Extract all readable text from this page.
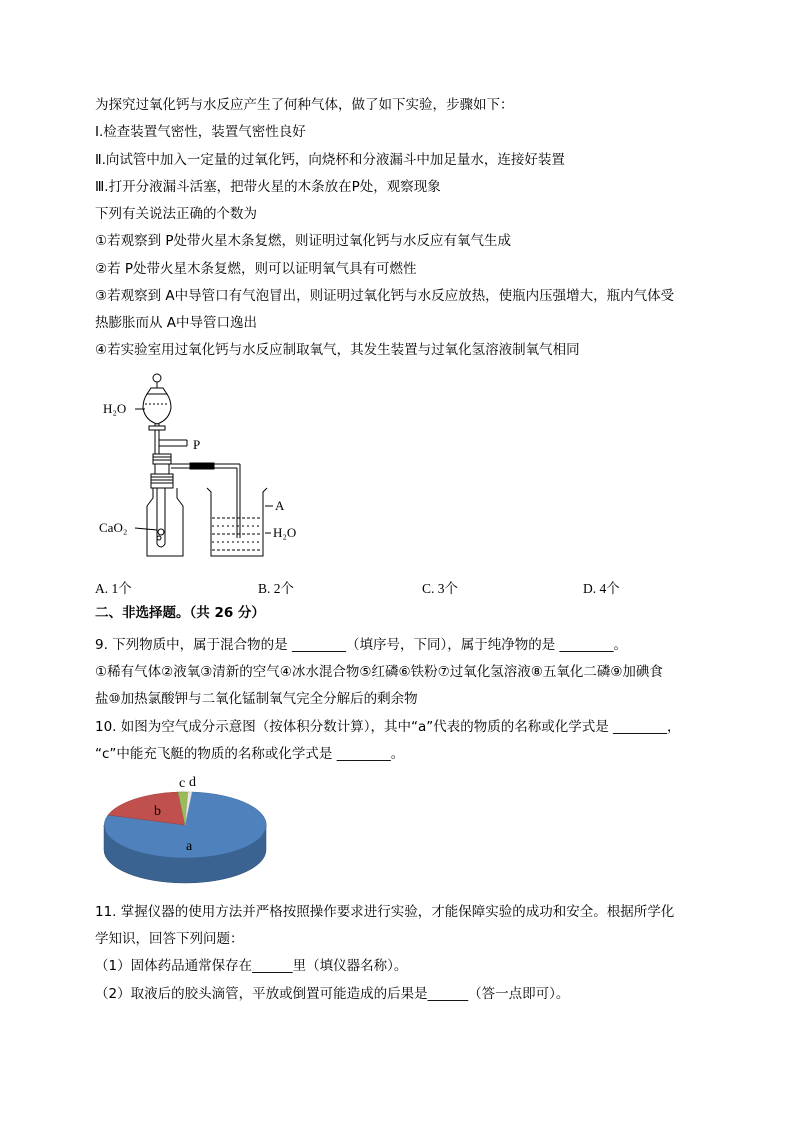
为探究过氧化钙与水反应产生了何种气体，做了如下实验，步骤如下：
Ⅰ.检查装置气密性，装置气密性良好
Ⅱ.向试管中加入一定量的过氧化钙，向烧杯和分液漏斗中加足量水，连接好装置
Ⅲ.打开分液漏斗活塞，把带火星的木条放在P处，观察现象
下列有关说法正确的个数为
①若观察到 P处带火星木条复燃，则证明过氧化钙与水反应有氧气生成
②若 P处带火星木条复燃，则可以证明氧气具有可燃性
③若观察到 A中导管口有气泡冒出，则证明过氧化钙与水反应放热，使瓶内压强增大，瓶内气体受
热膨胀而从 A中导管口逸出
④若实验室用过氧化钙与水反应制取氧气，其发生装置与过氧化氢溶液制氧气相同
H₂O
P
A
CaO₂	H₂O
A. 1个	B. 2个	C. 3个	D. 4个
二、非选择题。（共 26 分）
9. 下列物质中，属于混合物的是 ________（填序号，下同），属于纯净物的是 ________。
①稀有气体②液氧③清新的空气④冰水混合物⑤红磷⑥铁粉⑦过氧化氢溶液⑧五氧化二磷⑨加碘食
盐⑩加热氯酸钾与二氧化锰制氧气完全分解后的剩余物
10. 如图为空气成分示意图（按体积分数计算），其中“a”代表的物质的名称或化学式是 ________，
“c”中能充飞艇的物质的名称或化学式是 ________。
a
b
c d
11. 掌握仪器的使用方法并严格按照操作要求进行实验，才能保障实验的成功和安全。根据所学化
学知识，回答下列问题：
（1）固体药品通常保存在______里（填仪器名称）。
（2）取液后的胶头滴管，平放或倒置可能造成的后果是______（答一点即可）。
